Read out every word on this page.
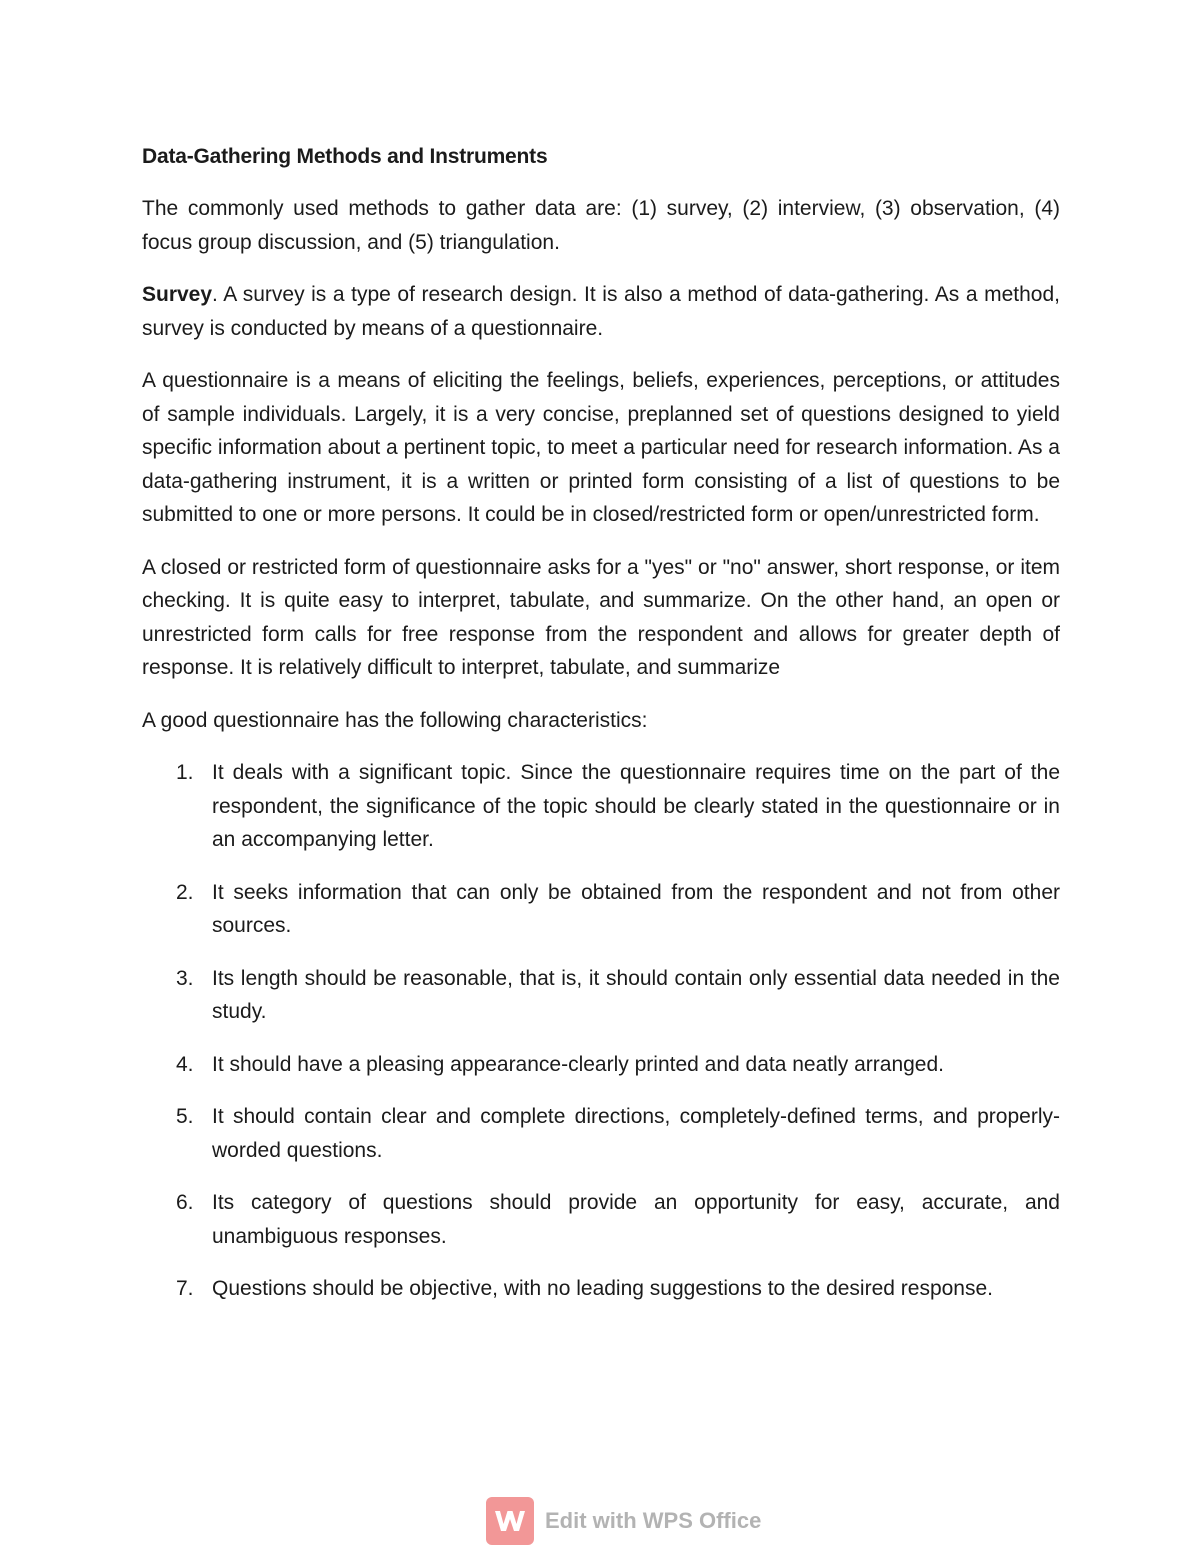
Data-Gathering Methods and Instruments

The commonly used methods to gather data are: (1) survey, (2) interview, (3) observation, (4) focus group discussion, and (5) triangulation.

Survey. A survey is a type of research design. It is also a method of data-gathering. As a method, survey is conducted by means of a questionnaire.

A questionnaire is a means of eliciting the feelings, beliefs, experiences, perceptions, or attitudes of sample individuals. Largely, it is a very concise, preplanned set of questions designed to yield specific information about a pertinent topic, to meet a particular need for research information. As a data-gathering instrument, it is a written or printed form consisting of a list of questions to be submitted to one or more persons. It could be in closed/restricted form or open/unrestricted form.

A closed or restricted form of questionnaire asks for a "yes" or "no" answer, short response, or item checking. It is quite easy to interpret, tabulate, and summarize. On the other hand, an open or unrestricted form calls for free response from the respondent and allows for greater depth of response. It is relatively difficult to interpret, tabulate, and summarize

A good questionnaire has the following characteristics:

1. It deals with a significant topic. Since the questionnaire requires time on the part of the respondent, the significance of the topic should be clearly stated in the questionnaire or in an accompanying letter.
2. It seeks information that can only be obtained from the respondent and not from other sources.
3. Its length should be reasonable, that is, it should contain only essential data needed in the study.
4. It should have a pleasing appearance-clearly printed and data neatly arranged.
5. It should contain clear and complete directions, completely-defined terms, and properly-worded questions.
6. Its category of questions should provide an opportunity for easy, accurate, and unambiguous responses.
7. Questions should be objective, with no leading suggestions to the desired response.
Edit with WPS Office
